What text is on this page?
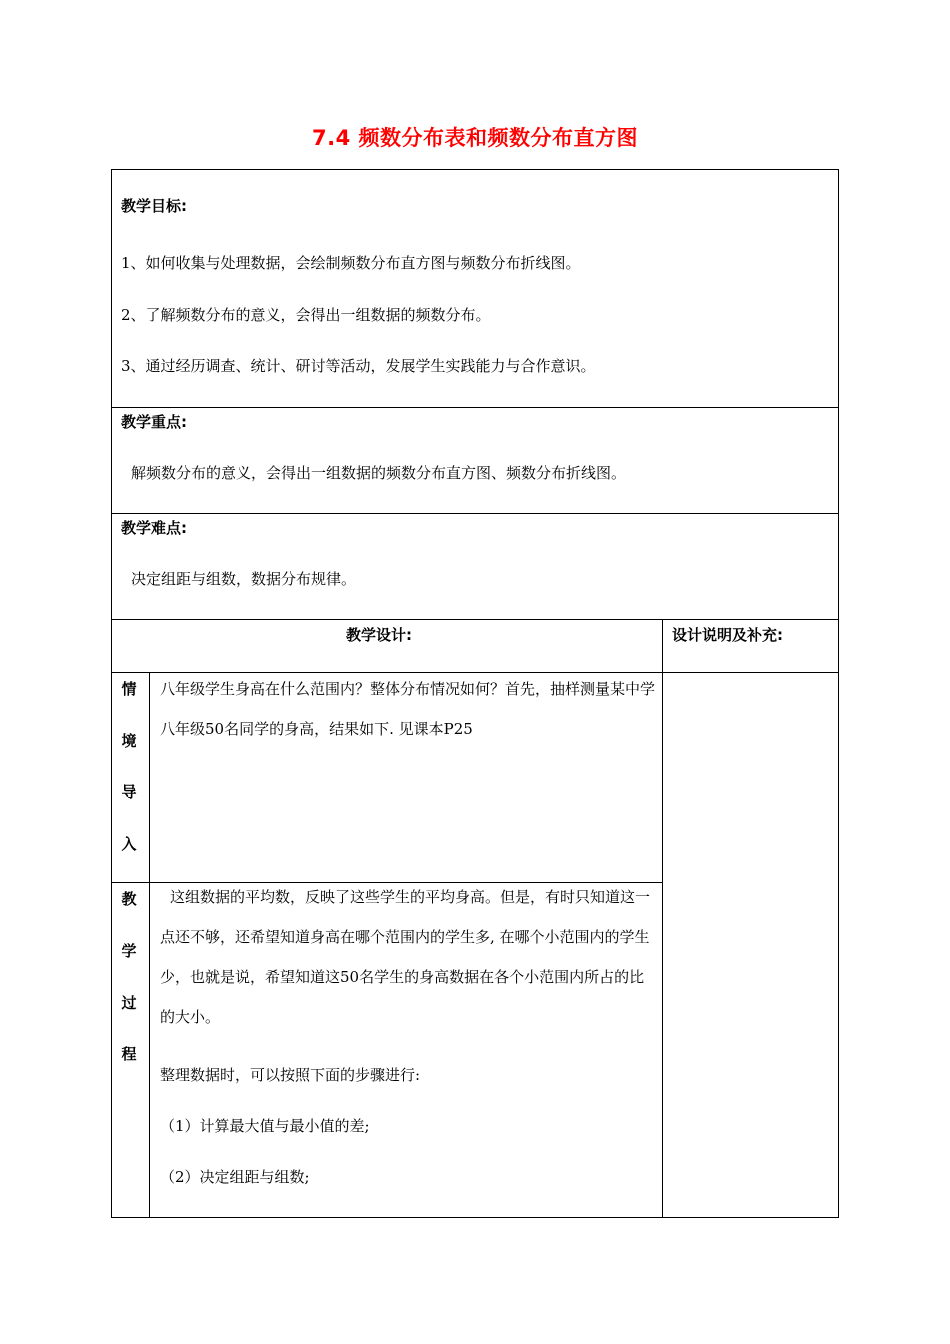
7.4 频数分布表和频数分布直方图
教学目标:
1、如何收集与处理数据，会绘制频数分布直方图与频数分布折线图。
2、了解频数分布的意义，会得出一组数据的频数分布。
3、通过经历调查、统计、研讨等活动，发展学生实践能力与合作意识。
教学重点:
解频数分布的意义，会得出一组数据的频数分布直方图、频数分布折线图。
教学难点:
决定组距与组数，数据分布规律。
教学设计:	设计说明及补充:
情
境
导
入
八年级学生身高在什么范围内？整体分布情况如何？首先，抽样测量某中学八年级50名同学的身高，结果如下. 见课本P25
教
学
过
程
这组数据的平均数，反映了这些学生的平均身高。但是，有时只知道这一点还不够，还希望知道身高在哪个范围内的学生多, 在哪个小范围内的学生少，也就是说，希望知道这50名学生的身高数据在各个小范围内所占的比的大小。
整理数据时，可以按照下面的步骤进行:
（1）计算最大值与最小值的差;
（2）决定组距与组数;
